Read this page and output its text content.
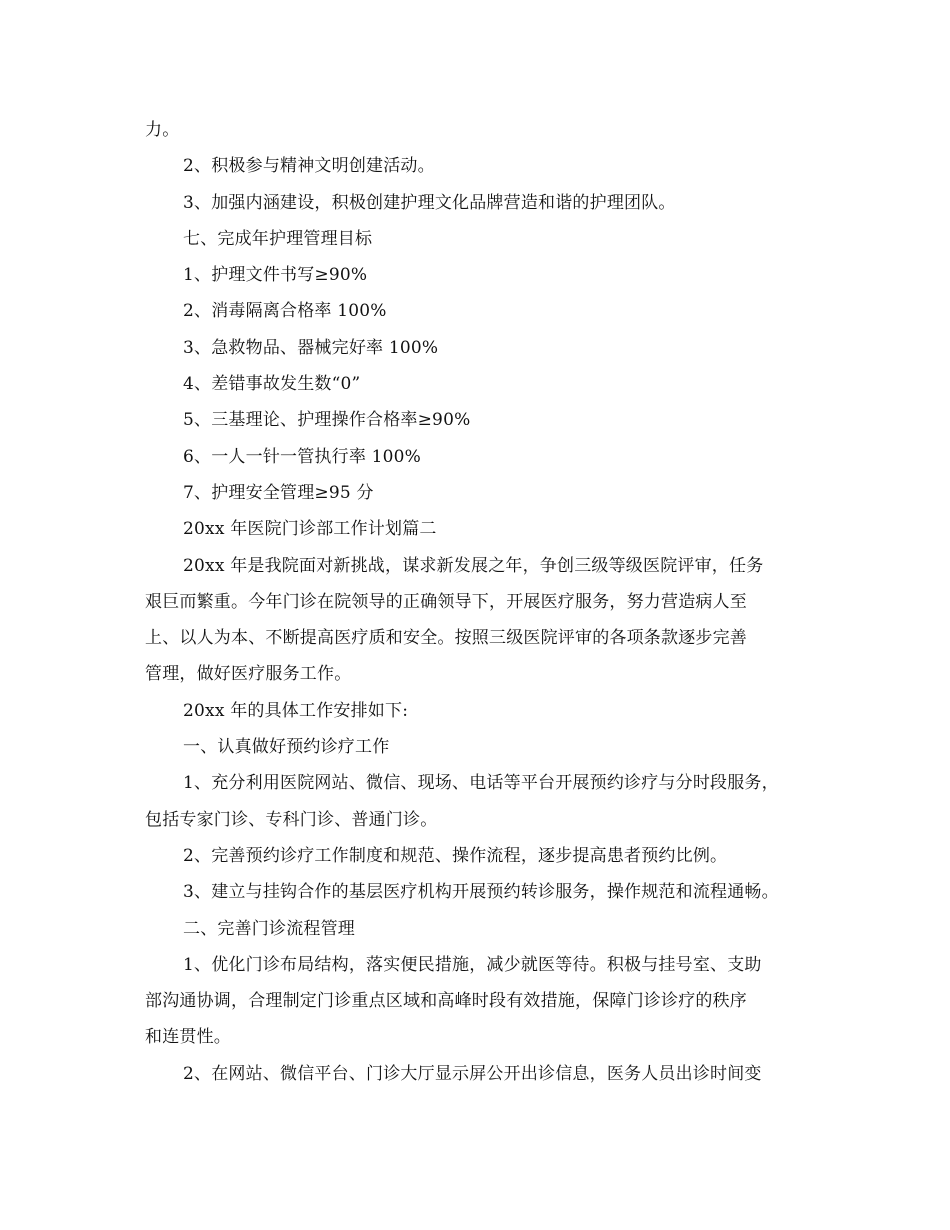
力。
2、积极参与精神文明创建活动。
3、加强内涵建设，积极创建护理文化品牌营造和谐的护理团队。
七、完成年护理管理目标
1、护理文件书写≥90%
2、消毒隔离合格率 100%
3、急救物品、器械完好率 100%
4、差错事故发生数“0”
5、三基理论、护理操作合格率≥90%
6、一人一针一管执行率 100%
7、护理安全管理≥95 分
20xx 年医院门诊部工作计划篇二
20xx 年是我院面对新挑战，谋求新发展之年，争创三级等级医院评审，任务
艰巨而繁重。今年门诊在院领导的正确领导下，开展医疗服务，努力营造病人至
上、以人为本、不断提高医疗质和安全。按照三级医院评审的各项条款逐步完善
管理，做好医疗服务工作。
20xx 年的具体工作安排如下:
一、认真做好预约诊疗工作
1、充分利用医院网站、微信、现场、电话等平台开展预约诊疗与分时段服务，
包括专家门诊、专科门诊、普通门诊。
2、完善预约诊疗工作制度和规范、操作流程，逐步提高患者预约比例。
3、建立与挂钩合作的基层医疗机构开展预约转诊服务，操作规范和流程通畅。
二、完善门诊流程管理
1、优化门诊布局结构，落实便民措施，减少就医等待。积极与挂号室、支助
部沟通协调，合理制定门诊重点区域和高峰时段有效措施，保障门诊诊疗的秩序
和连贯性。
2、在网站、微信平台、门诊大厅显示屏公开出诊信息，医务人员出诊时间变
